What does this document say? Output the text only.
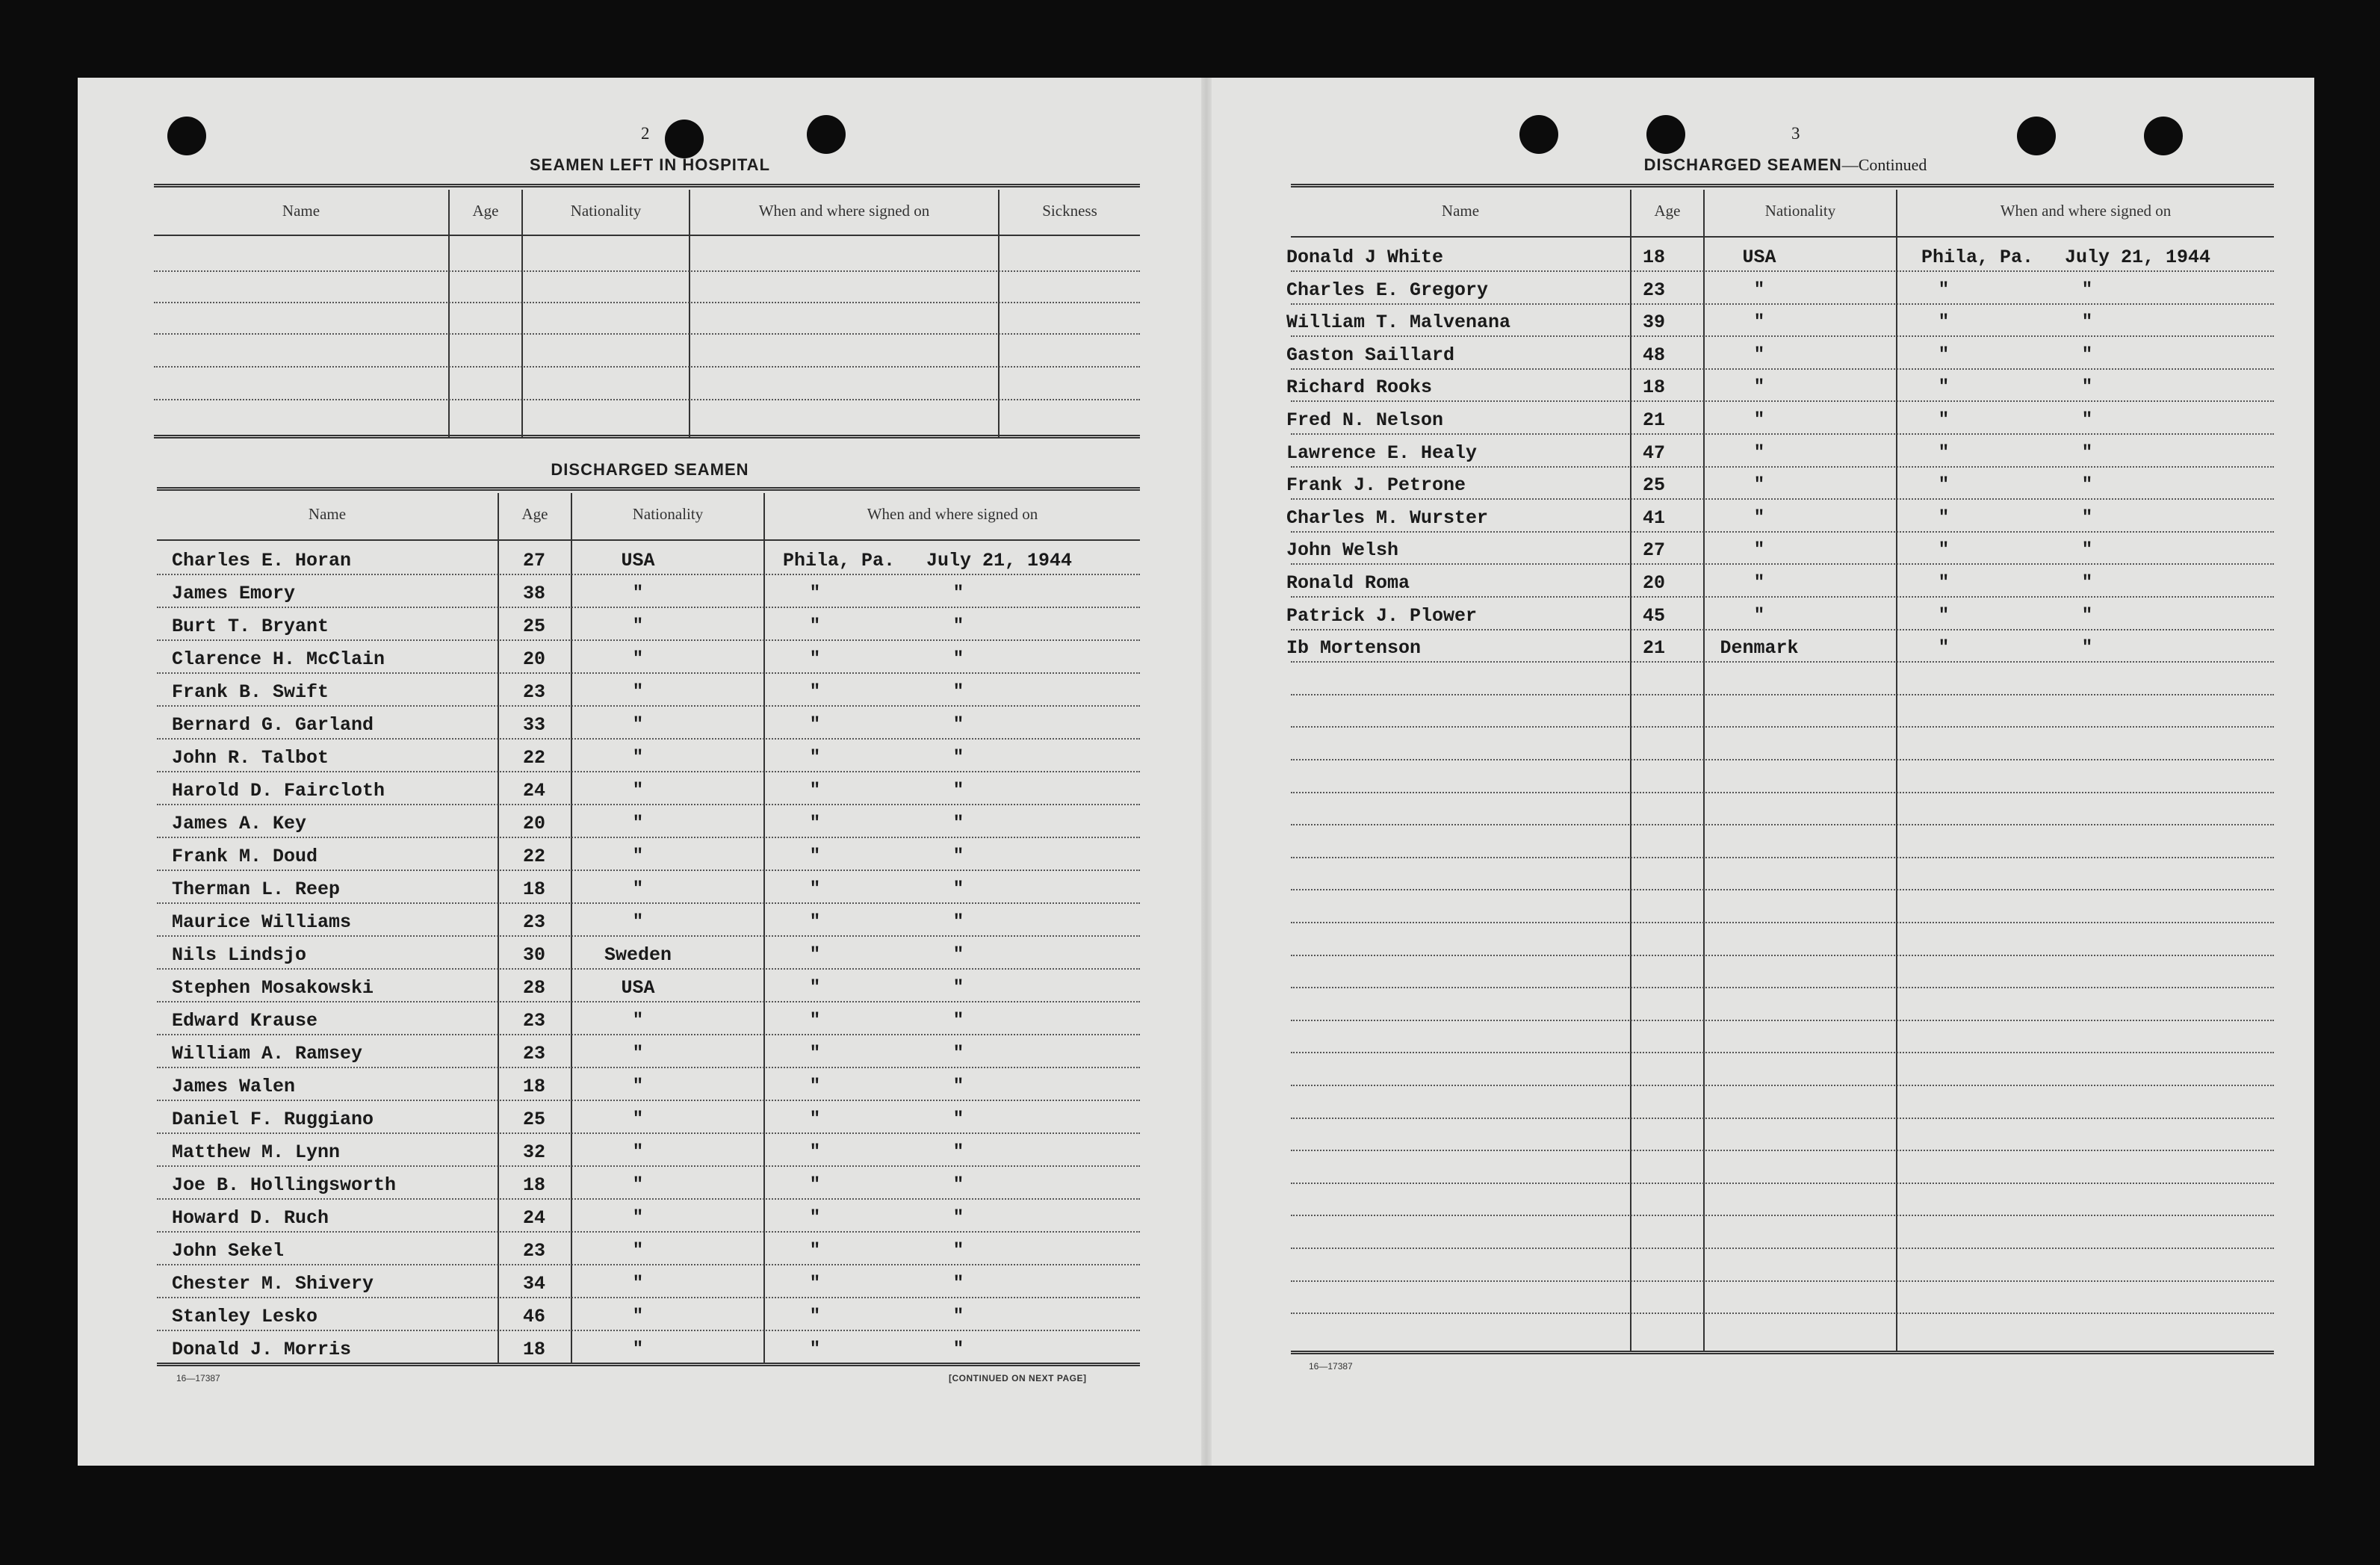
2
SEAMEN LEFT IN HOSPITAL
Name	Age	Nationality	When and where signed on	Sickness
DISCHARGED SEAMEN
Name	Age	Nationality	When and where signed on
Charles E. Horan	27	USA	Phila, Pa. July 21, 1944
James Emory	38	"	"	"
Burt T. Bryant	25	"	"	"
Clarence H. McClain	20	"	"	"
Frank B. Swift	23	"	"	"
Bernard G. Garland	33	"	"	"
John R. Talbot	22	"	"	"
Harold D. Faircloth	24	"	"	"
James A. Key	20	"	"	"
Frank M. Doud	22	"	"	"
Therman L. Reep	18	"	"	"
Maurice Williams	23	"	"	"
Nils Lindsjo	30	Sweden	"	"
Stephen Mosakowski	28	USA	"	"
Edward Krause	23	"	"	"
William A. Ramsey	23	"	"	"
James Walen	18	"	"	"
Daniel F. Ruggiano	25	"	"	"
Matthew M. Lynn	32	"	"	"
Joe B. Hollingsworth	18	"	"	"
Howard D. Ruch	24	"	"	"
John Sekel	23	"	"	"
Chester M. Shivery	34	"	"	"
Stanley Lesko	46	"	"	"
Donald J. Morris	18	"	"	"
16—17387	[CONTINUED ON NEXT PAGE]
3
DISCHARGED SEAMEN—Continued
Name	Age	Nationality	When and where signed on
Donald J White	18	USA	Phila, Pa. July 21, 1944
Charles E. Gregory	23	"	"	"
William T. Malvenana	39	"	"	"
Gaston Saillard	48	"	"	"
Richard Rooks	18	"	"	"
Fred N. Nelson	21	"	"	"
Lawrence E. Healy	47	"	"	"
Frank J. Petrone	25	"	"	"
Charles M. Wurster	41	"	"	"
John Welsh	27	"	"	"
Ronald Roma	20	"	"	"
Patrick J. Plower	45	"	"	"
Ib Mortenson	21	Denmark	"	"
16—17387
